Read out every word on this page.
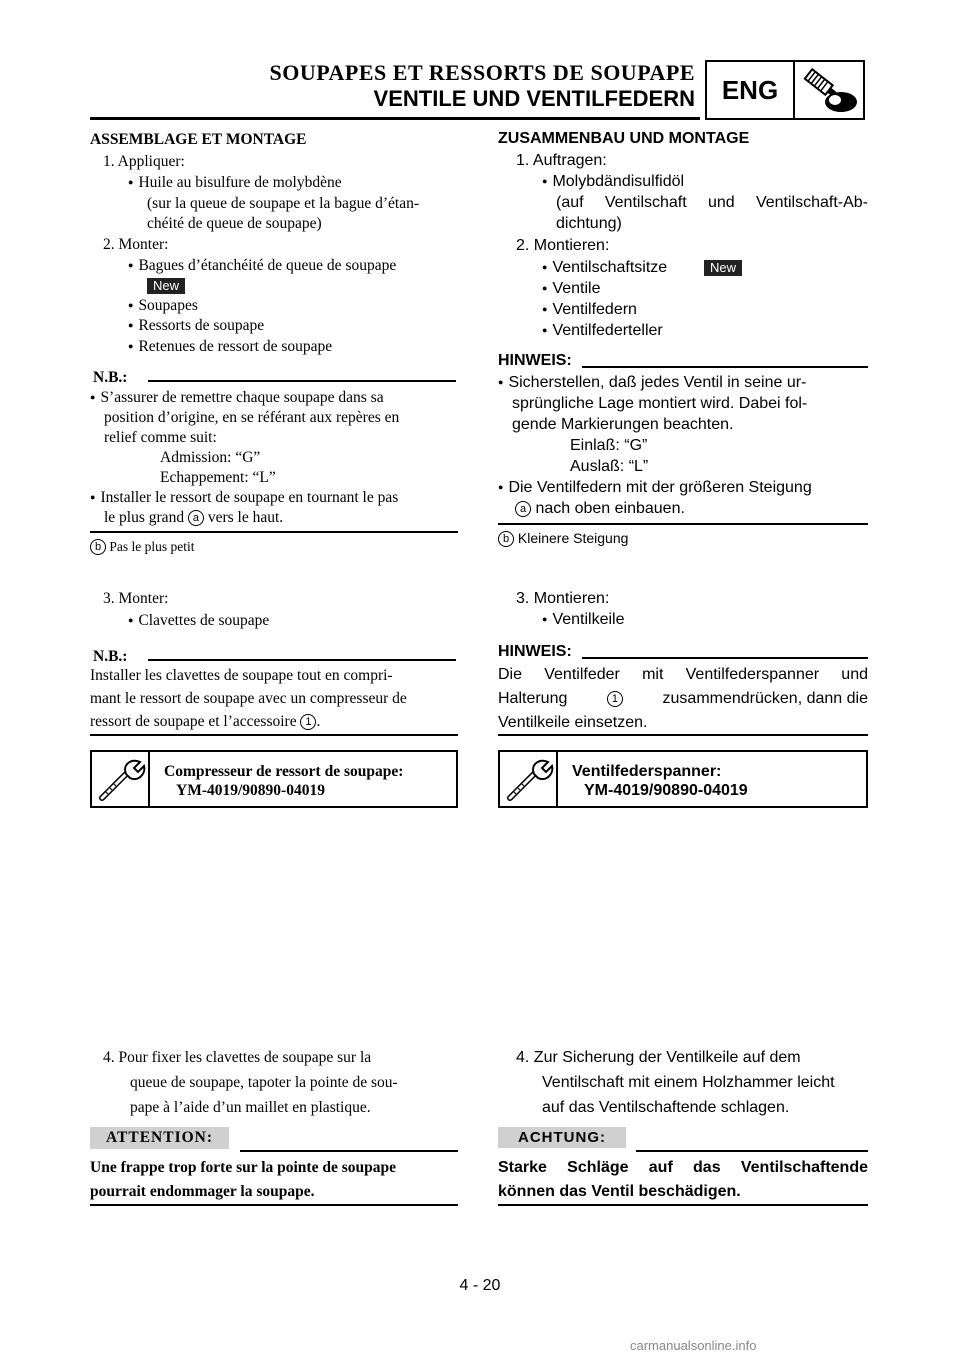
SOUPAPES ET RESSORTS DE SOUPAPE
VENTILE UND VENTILFEDERN	ENG
ASSEMBLAGE ET MONTAGE
1. Appliquer:
● Huile au bisulfure de molybdène
(sur la queue de soupape et la bague d’étan-
chéité de queue de soupape)
2. Monter:
● Bagues d’étanchéité de queue de soupape
New
● Soupapes
● Ressorts de soupape
● Retenues de ressort de soupape
N.B.:
● S’assurer de remettre chaque soupape dans sa
position d’origine, en se référant aux repères en
relief comme suit:
Admission: “G”
Echappement: “L”
● Installer le ressort de soupape en tournant le pas
le plus grand a vers le haut.
b Pas le plus petit
3. Monter:
● Clavettes de soupape
N.B.:
Installer les clavettes de soupape tout en compri-
mant le ressort de soupape avec un compresseur de
ressort de soupape et l’accessoire 1 .
Compresseur de ressort de soupape:
YM-4019/90890-04019
4. Pour fixer les clavettes de soupape sur la
queue de soupape, tapoter la pointe de sou-
pape à l’aide d’un maillet en plastique.
ATTENTION:
Une frappe trop forte sur la pointe de soupape
pourrait endommager la soupape.
ZUSAMMENBAU UND MONTAGE
1. Auftragen:
● Molybdändisulfidöl
(auf Ventilschaft und Ventilschaft-Ab-
dichtung)
2. Montieren:
● Ventilschaftsitze	New
● Ventile
● Ventilfedern
● Ventilfederteller
HINWEIS:
● Sicherstellen, daß jedes Ventil in seine ur-
sprüngliche Lage montiert wird. Dabei fol-
gende Markierungen beachten.
Einlaß: “G”
Auslaß: “L”
● Die Ventilfedern mit der größeren Steigung
a nach oben einbauen.
b Kleinere Steigung
3. Montieren:
● Ventilkeile
HINWEIS:
Die Ventilfeder mit Ventilfederspanner und
Halterung	1	zusammendrücken, dann die
Ventilkeile einsetzen.
Ventilfederspanner:
YM-4019/90890-04019
4. Zur Sicherung der Ventilkeile auf dem
Ventilschaft mit einem Holzhammer leicht
auf das Ventilschaftende schlagen.
ACHTUNG:
Starke Schläge auf das Ventilschaftende
können das Ventil beschädigen.
4 - 20
carmanualsonline.info
